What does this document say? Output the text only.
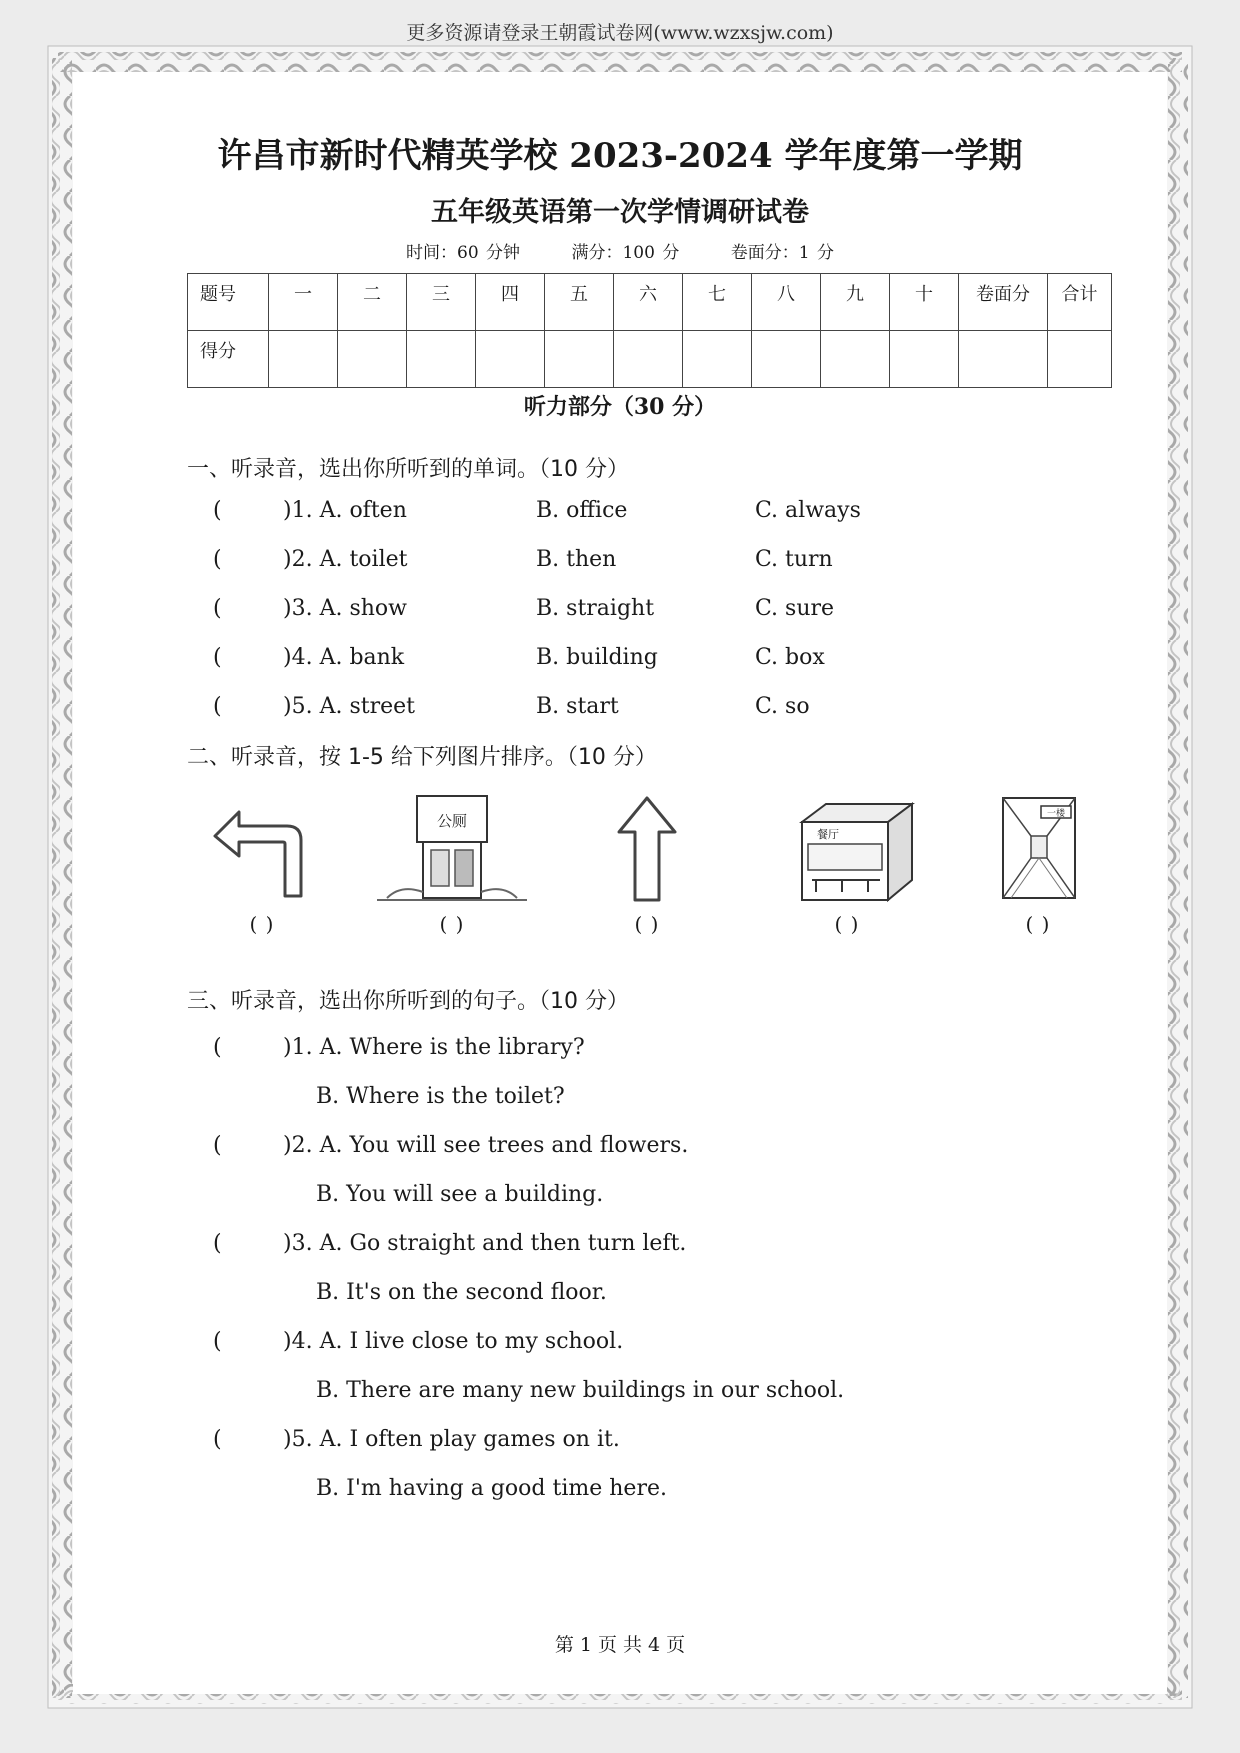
更多资源请登录王朝霞试卷网(www.wzxsjw.com)
许昌市新时代精英学校 2023-2024 学年度第一学期
五年级英语第一次学情调研试卷
时间：60 分钟	满分：100 分	卷面分：1 分
题号	一	二	三	四	五	六	七	八	九	十	卷面分	合计
得分												
听力部分（30 分）
一、听录音，选出你所听到的单词。（10 分）
(	)1. A. often	B. office	C. always
(	)2. A. toilet	B. then	C. turn
(	)3. A. show	B. straight	C. sure
(	)4. A. bank	B. building	C. box
(	)5. A. street	B. start	C. so
二、听录音，按 1-5 给下列图片排序。（10 分）
( )
公厕
( )	( )
餐厅
( )
一楼
( )
三、听录音，选出你所听到的句子。（10 分）
(	)1. A. Where is the library?
B. Where is the toilet?
(	)2. A. You will see trees and flowers.
B. You will see a building.
(	)3. A. Go straight and then turn left.
B. It's on the second floor.
(	)4. A. I live close to my school.
B. There are many new buildings in our school.
(	)5. A. I often play games on it.
B. I'm having a good time here.
第 1 页 共 4 页
